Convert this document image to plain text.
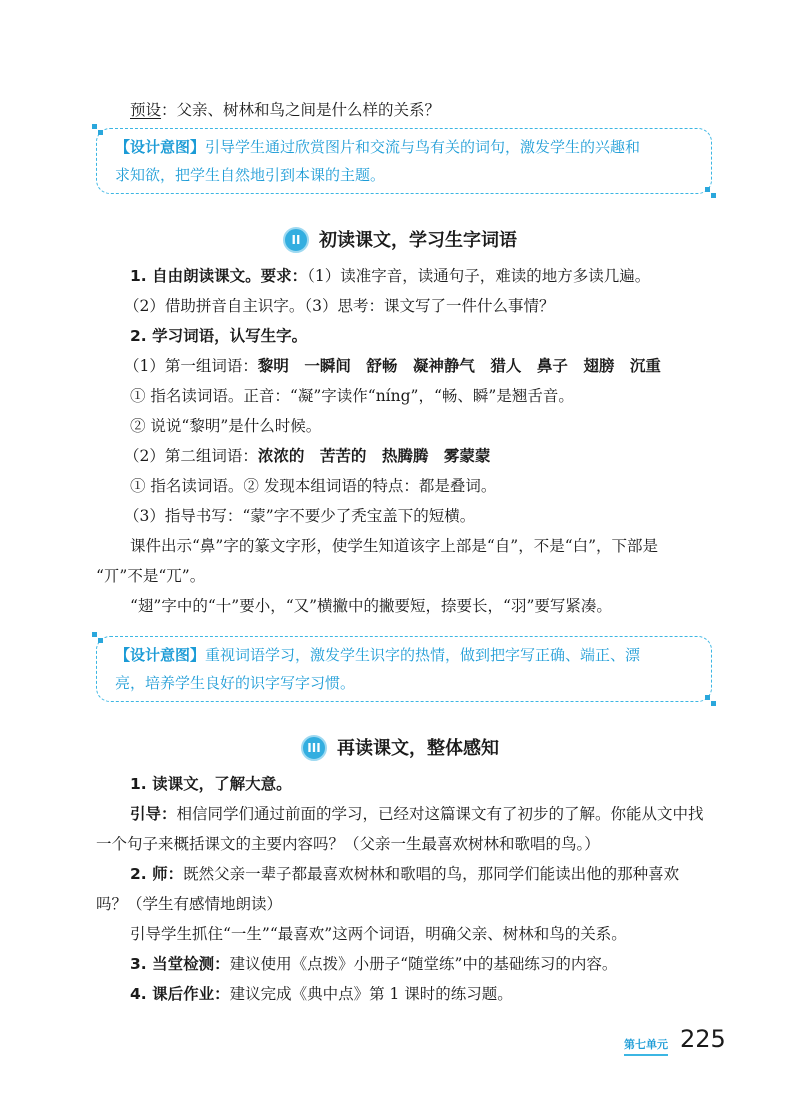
预设：父亲、树林和鸟之间是什么样的关系？
【设计意图】引导学生通过欣赏图片和交流与鸟有关的词句，激发学生的兴趣和
求知欲，把学生自然地引到本课的主题。
II 初读课文，学习生字词语
1. 自由朗读课文。要求：（1）读准字音，读通句子，难读的地方多读几遍。
（2）借助拼音自主识字。（3）思考：课文写了一件什么事情？
2. 学习词语，认写生字。
（1）第一组词语：黎明　一瞬间　舒畅　凝神静气　猎人　鼻子　翅膀　沉重
① 指名读词语。正音：“凝”字读作“níng”，“畅、瞬”是翘舌音。
② 说说“黎明”是什么时候。
（2）第二组词语：浓浓的　苦苦的　热腾腾　雾蒙蒙
① 指名读词语。② 发现本组词语的特点：都是叠词。
（3）指导书写：“蒙”字不要少了秃宝盖下的短横。
课件出示“鼻”字的篆文字形，使学生知道该字上部是“自”，不是“白”，下部是
“丌”不是“兀”。
“翅”字中的“十”要小，“又”横撇中的撇要短，捺要长，“羽”要写紧凑。
【设计意图】重视词语学习，激发学生识字的热情，做到把字写正确、端正、漂
亮，培养学生良好的识字写字习惯。
III 再读课文，整体感知
1. 读课文，了解大意。
引导：相信同学们通过前面的学习，已经对这篇课文有了初步的了解。你能从文中找
一个句子来概括课文的主要内容吗？（父亲一生最喜欢树林和歌唱的鸟。）
2. 师：既然父亲一辈子都最喜欢树林和歌唱的鸟，那同学们能读出他的那种喜欢
吗？（学生有感情地朗读）
引导学生抓住“一生”“最喜欢”这两个词语，明确父亲、树林和鸟的关系。
3. 当堂检测：建议使用《点拨》小册子“随堂练”中的基础练习的内容。
4. 课后作业：建议完成《典中点》第 1 课时的练习题。
第七单元 225
